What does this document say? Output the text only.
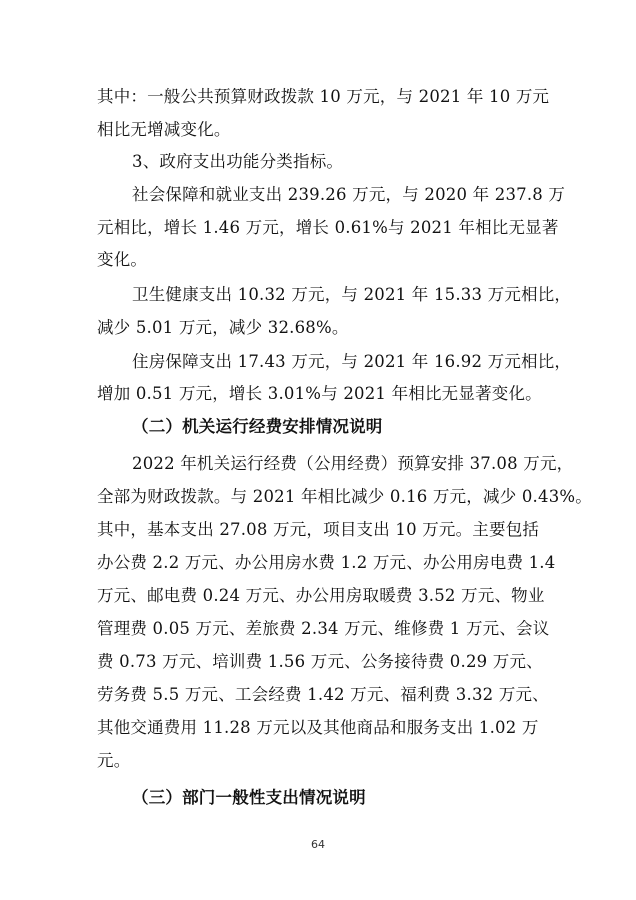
其中：一般公共预算财政拨款 10 万元，与 2021 年 10 万元
相比无增减变化。
3、政府支出功能分类指标。
社会保障和就业支出 239.26 万元，与 2020 年 237.8 万
元相比，增长 1.46 万元，增长 0.61%与 2021 年相比无显著
变化。
卫生健康支出 10.32 万元，与 2021 年 15.33 万元相比，
减少 5.01 万元，减少 32.68%。
住房保障支出 17.43 万元，与 2021 年 16.92 万元相比，
增加 0.51 万元，增长 3.01%与 2021 年相比无显著变化。
（二）机关运行经费安排情况说明
2022 年机关运行经费（公用经费）预算安排 37.08 万元，
全部为财政拨款。与 2021 年相比减少 0.16 万元，减少 0.43%。
其中，基本支出 27.08 万元，项目支出 10 万元。主要包括
办公费 2.2 万元、办公用房水费 1.2 万元、办公用房电费 1.4
万元、邮电费 0.24 万元、办公用房取暖费 3.52 万元、物业
管理费 0.05 万元、差旅费 2.34 万元、维修费 1 万元、会议
费 0.73 万元、培训费 1.56 万元、公务接待费 0.29 万元、
劳务费 5.5 万元、工会经费 1.42 万元、福利费 3.32 万元、
其他交通费用 11.28 万元以及其他商品和服务支出 1.02 万
元。
（三）部门一般性支出情况说明
64
